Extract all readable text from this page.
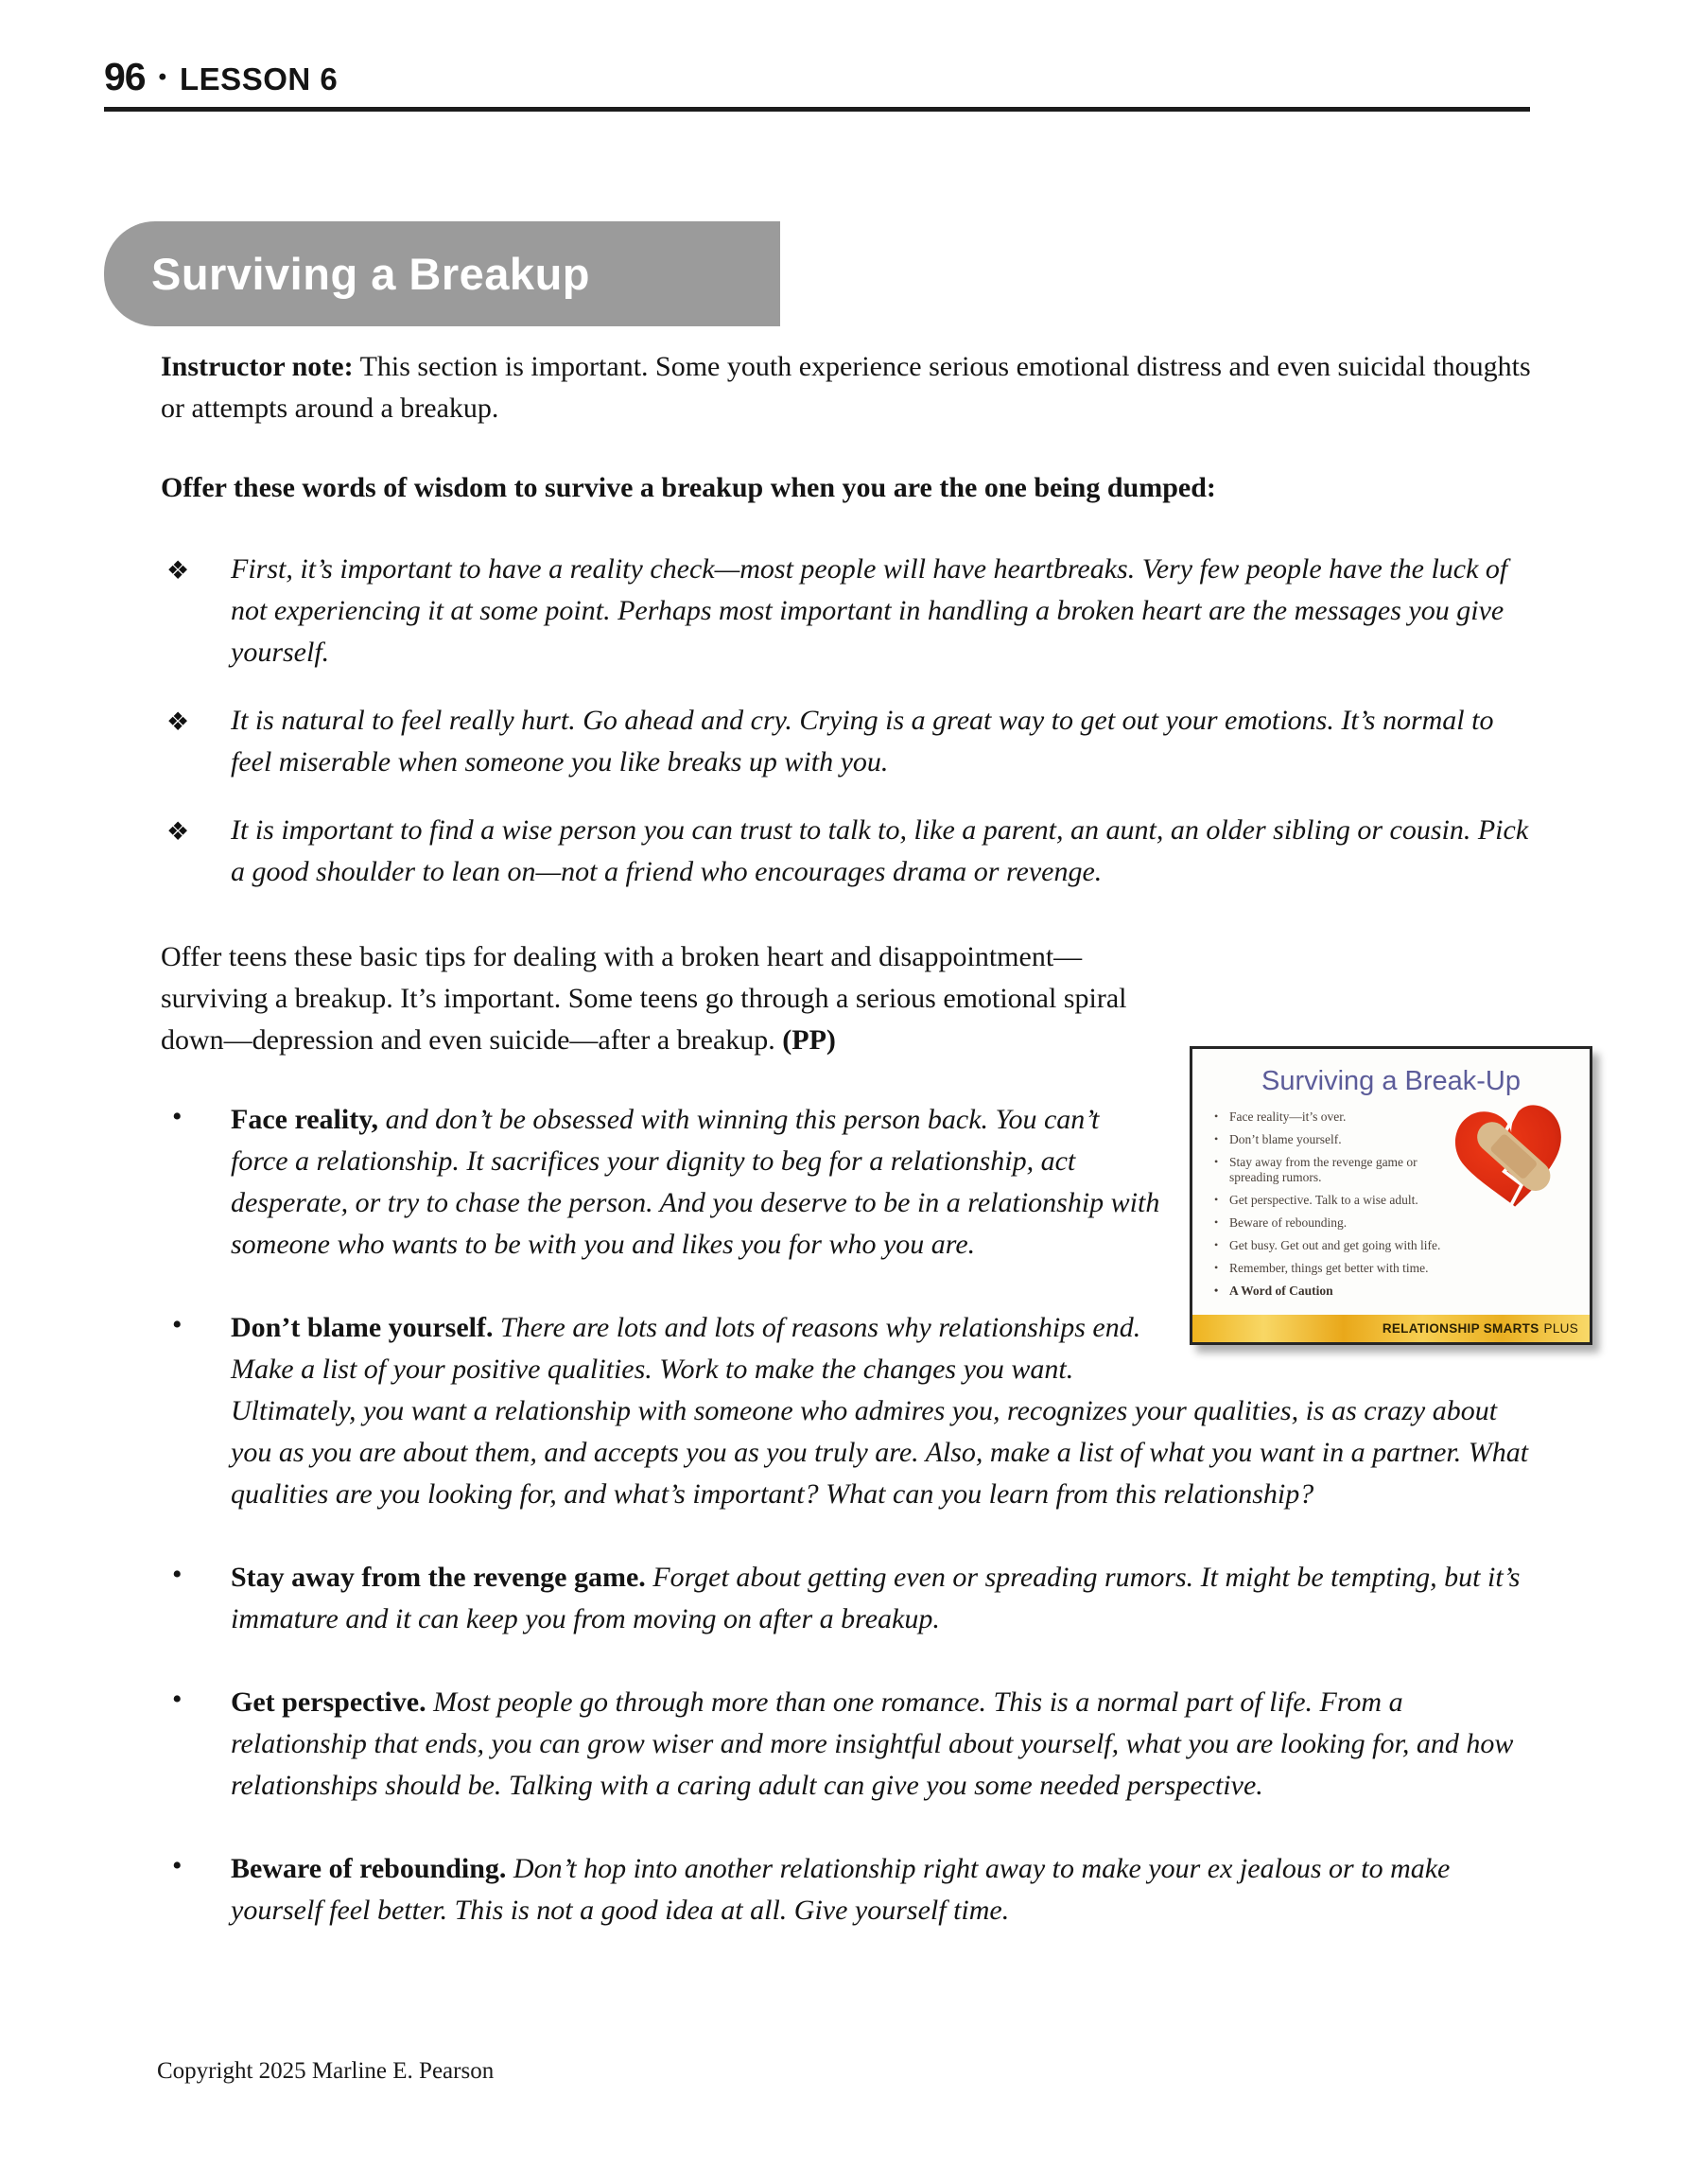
96 • LESSON 6
Surviving a Breakup

Instructor note: This section is important. Some youth experience serious emotional distress and even suicidal thoughts or attempts around a breakup.

Offer these words of wisdom to survive a breakup when you are the one being dumped:

❖ First, it’s important to have a reality check—most people will have heartbreaks. Very few people have the luck of not experiencing it at some point. Perhaps most important in handling a broken heart are the messages you give yourself.
❖ It is natural to feel really hurt. Go ahead and cry. Crying is a great way to get out your emotions. It’s normal to feel miserable when someone you like breaks up with you.
❖ It is important to find a wise person you can trust to talk to, like a parent, an aunt, an older sibling or cousin. Pick a good shoulder to lean on—not a friend who encourages drama or revenge.
Surviving a Break-Up
• Face reality—it’s over.
• Don’t blame yourself.
• Stay away from the revenge game or spreading rumors.
• Get perspective. Talk to a wise adult.
• Beware of rebounding.
• Get busy. Get out and get going with life.
• Remember, things get better with time.
• A Word of Caution
RELATIONSHIP SMARTS PLUS

Offer teens these basic tips for dealing with a broken heart and disappointment—surviving a breakup. It’s important. Some teens go through a serious emotional spiral down—depression and even suicide—after a breakup. (PP)

• Face reality, and don’t be obsessed with winning this person back. You can’t force a relationship. It sacrifices your dignity to beg for a relationship, act desperate, or try to chase the person. And you deserve to be in a relationship with someone who wants to be with you and likes you for who you are.
• Don’t blame yourself. There are lots and lots of reasons why relationships end. Make a list of your positive qualities. Work to make the changes you want. Ultimately, you want a relationship with someone who admires you, recognizes your qualities, is as crazy about you as you are about them, and accepts you as you truly are. Also, make a list of what you want in a partner. What qualities are you looking for, and what’s important? What can you learn from this relationship?
• Stay away from the revenge game. Forget about getting even or spreading rumors. It might be tempting, but it’s immature and it can keep you from moving on after a breakup.
• Get perspective. Most people go through more than one romance. This is a normal part of life. From a relationship that ends, you can grow wiser and more insightful about yourself, what you are looking for, and how relationships should be. Talking with a caring adult can give you some needed perspective.
• Beware of rebounding. Don’t hop into another relationship right away to make your ex jealous or to make yourself feel better. This is not a good idea at all. Give yourself time.
Copyright 2025 Marline E. Pearson
